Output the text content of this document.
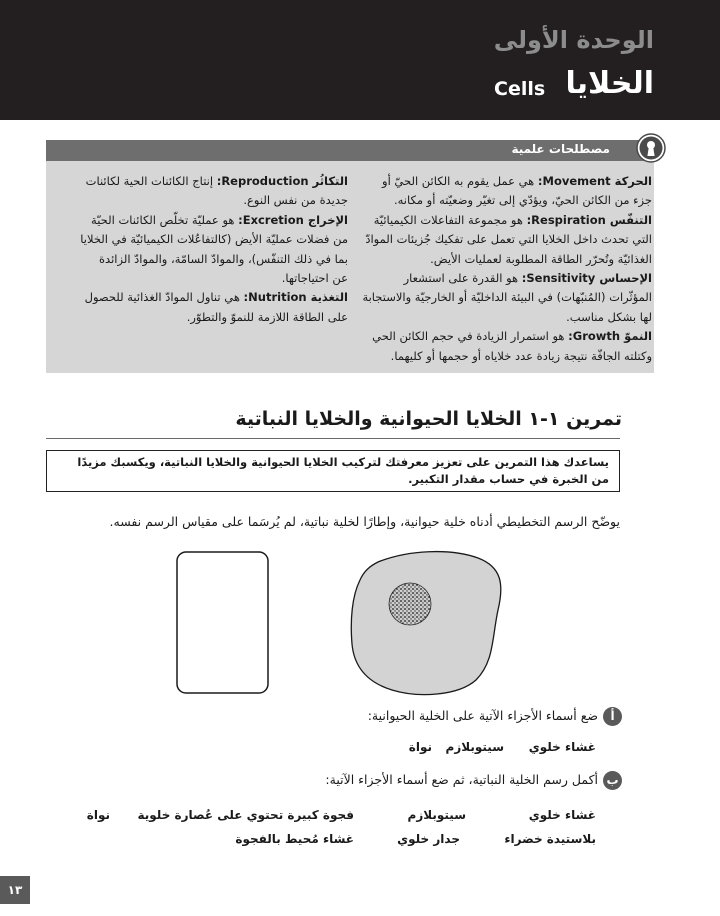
الوحدة الأولى
الخلايا
Cells
مصطلحات علمية

الحركة Movement: هي عمل يقوم به الكائن الحيّ أو جزء من الكائن الحيّ، ويؤدّي إلى تغيّر وضعيّته أو مكانه.

التنفّس Respiration: هو مجموعة التفاعلات الكيميائيّة التي تحدث داخل الخلايا التي تعمل على تفكيك جُزيئات الموادّ الغذائيّة وتُحرّر الطاقة المطلوبة لعمليات الأيض.

الإحساس Sensitivity: هو القدرة على استشعار المؤثّرات (المُنبّهات) في البيئة الداخليّة أو الخارجيّة والاستجابة لها بشكل مناسب.

النموّ Growth: هو استمرار الزيادة في حجم الكائن الحي وكتلته الجافّة نتيجة زيادة عدد خلاياه أو حجمها أو كليهما.

التكاثُر Reproduction: إنتاج الكائنات الحية لكائنات جديدة من نفس النوع.

الإخراج Excretion: هو عمليّة تخلّص الكائنات الحيّة من فضلات عمليّة الأيض (كالتفاعُلات الكيميائيّة في الخلايا بما في ذلك التنفّس)، والموادّ السامّة، والموادّ الزائدة عن احتياجاتها.

التغذية Nutrition: هي تناول الموادّ الغذائية للحصول على الطاقة اللازمة للنموّ والتطوّر.

تمرين ١-١ الخلايا الحيوانية والخلايا النباتية
يساعدك هذا التمرين على تعزيز معرفتك لتركيب الخلايا الحيوانية والخلايا النباتية، ويكسبك مزيدًا من الخبرة في حساب مقدار التكبير.
يوضّح الرسم التخطيطي أدناه خلية حيوانية، وإطارًا لخلية نباتية، لم يُرسَما على مقياس الرسم نفسه.
أ
ضع أسماء الأجزاء الآتية على الخلية الحيوانية:
غشاء خلوي
سيتوبلازم
نواة
ب
أكمل رسم الخلية النباتية، ثم ضع أسماء الأجزاء الآتية:
غشاء خلوي
سيتوبلازم
فجوة كبيرة تحتوي على عُصارة خلوية
نواة
بلاستيدة خضراء
جدار خلوي
غشاء مُحيط بالفجوة
١٣
